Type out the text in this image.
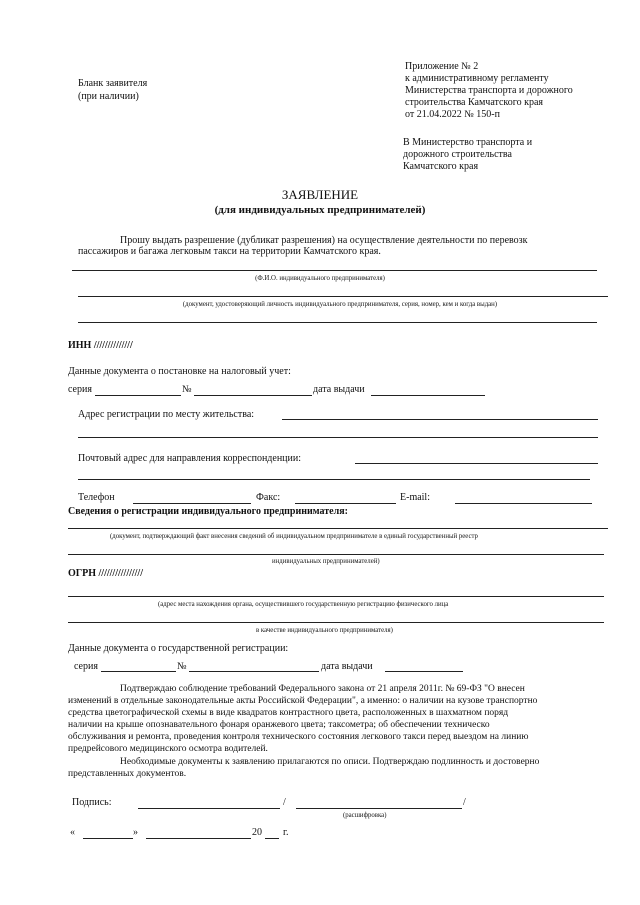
Бланк заявителя
(при наличии)
Приложение № 2
к административному регламенту
Министерства транспорта и дорожного
строительства Камчатского края
от 21.04.2022 № 150-п
В Министерство транспорта и
дорожного строительства
Камчатского края
ЗАЯВЛЕНИЕ
(для индивидуальных предпринимателей)
Прошу выдать разрешение (дубликат разрешения) на осуществление деятельности по перевозк
пассажиров и багажа легковым такси на территории Камчатского края.
(Ф.И.О. индивидуального предпринимателя)
(документ, удостоверяющий личность индивидуального предпринимателя, серия, номер, кем и когда выдан)
ИНН //////////////
Данные документа о постановке на налоговый учет:
серия	№	дата выдачи
Адрес регистрации по месту жительства:
Почтовый адрес для направления корреспонденции:
Телефон	Факс:	E-mail:
Сведения о регистрации индивидуального предпринимателя:
(документ, подтверждающий факт внесения сведений об индивидуальном предпринимателе в единый государственный реестр
индивидуальных предпринимателей)
ОГРН ////////////////
(адрес места нахождения органа, осуществившего государственную регистрацию физического лица
в качестве индивидуального предпринимателя)
Данные документа о государственной регистрации:
серия	№	дата выдачи
Подтверждаю соблюдение требований Федерального закона от 21 апреля 2011г. № 69-ФЗ "О внесен
изменений в отдельные законодательные акты Российской Федерации", а именно: о наличии на кузове транспортно
средства цветографической схемы в виде квадратов контрастного цвета, расположенных в шахматном поряд
наличии на крыше опознавательного фонаря оранжевого цвета; таксометра; об обеспечении техническо
обслуживания и ремонта, проведения контроля технического состояния легкового такси перед выездом на линию
предрейсового медицинского осмотра водителей.
Необходимые документы к заявлению прилагаются по описи. Подтверждаю подлинность и достоверно
представленных документов.
Подпись:	/	/
(расшифровка)
«	»	20 г.
